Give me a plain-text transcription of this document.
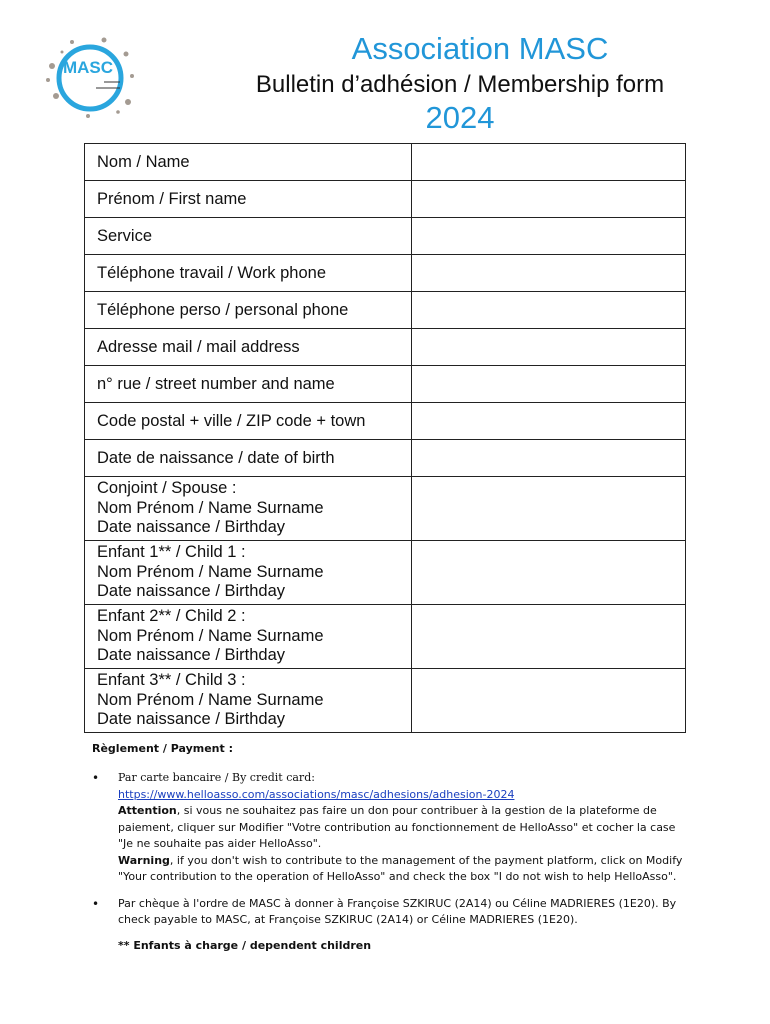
MASC
Association MASC
Bulletin d’adhésion / Membership form
2024
Nom / Name	
Prénom / First name	
Service	
Téléphone travail / Work phone	
Téléphone perso / personal phone	
Adresse mail / mail address	
n° rue / street number and name	
Code postal + ville / ZIP code + town	
Date de naissance / date of birth	

Conjoint / Spouse :
Nom Prénom / Name Surname
Date naissance / Birthday	

Enfant 1** / Child 1 :
Nom Prénom / Name Surname
Date naissance / Birthday	

Enfant 2** / Child 2 :
Nom Prénom / Name Surname
Date naissance / Birthday	

Enfant 3** / Child 3 :
Nom Prénom / Name Surname
Date naissance / Birthday	

Règlement / Payment :
• Par carte bancaire / By credit card:
https://www.helloasso.com/associations/masc/adhesions/adhesion-2024
Attention, si vous ne souhaitez pas faire un don pour contribuer à la gestion de la plateforme de paiement, cliquer sur Modifier "Votre contribution au fonctionnement de HelloAsso" et cocher la case "Je ne souhaite pas aider HelloAsso".
Warning, if you don't wish to contribute to the management of the payment platform, click on Modify "Your contribution to the operation of HelloAsso" and check the box "I do not wish to help HelloAsso".
• Par chèque à l'ordre de MASC à donner à Françoise SZKIRUC (2A14) ou Céline MADRIERES (1E20). By check payable to MASC, at Françoise SZKIRUC (2A14) or Céline MADRIERES (1E20).
** Enfants à charge / dependent children
